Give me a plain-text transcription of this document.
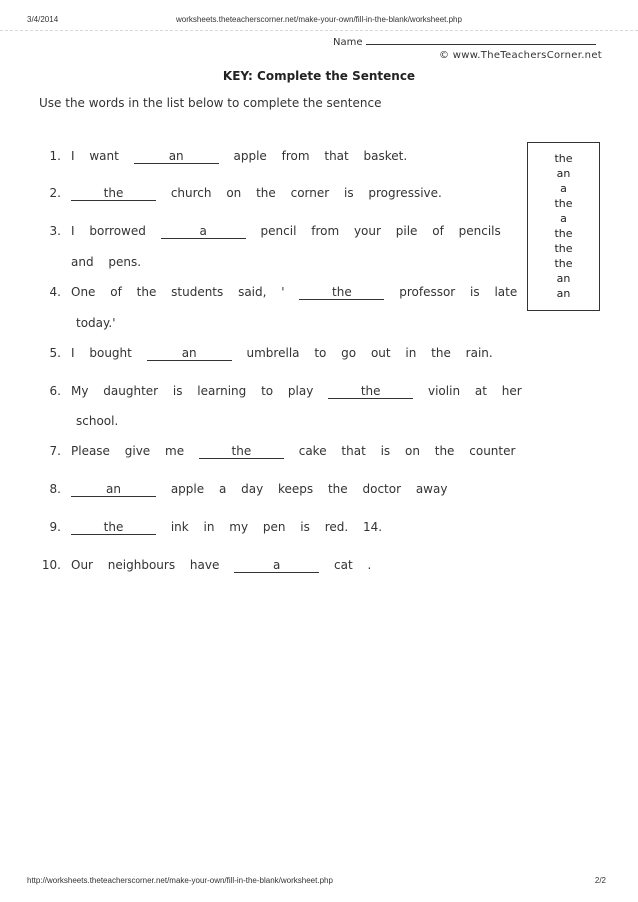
3/4/2014	worksheets.theteacherscorner.net/make-your-own/fill-in-the-blank/worksheet.php
Name
© www.TheTeachersCorner.net
KEY: Complete the Sentence
Use the words in the list below to complete the sentence
1. I want	an	apple from that basket.
2.	the	church on the corner is progressive.
3. I borrowed	a	pencil from your pile of pencils
and pens.
4. One of the students said, '	the	professor is late
today.'
5. I bought	an	umbrella to go out in the rain.
6. My daughter is learning to play	the	violin at her
school.
7. Please give me	the	cake that is on the counter
8.	an	apple a day keeps the doctor away
9.	the	ink in my pen is red. 14.
10. Our neighbours have	a	cat .
the
an
a
the
a
the
the
the
an
an
http://worksheets.theteacherscorner.net/make-your-own/fill-in-the-blank/worksheet.php	2/2
